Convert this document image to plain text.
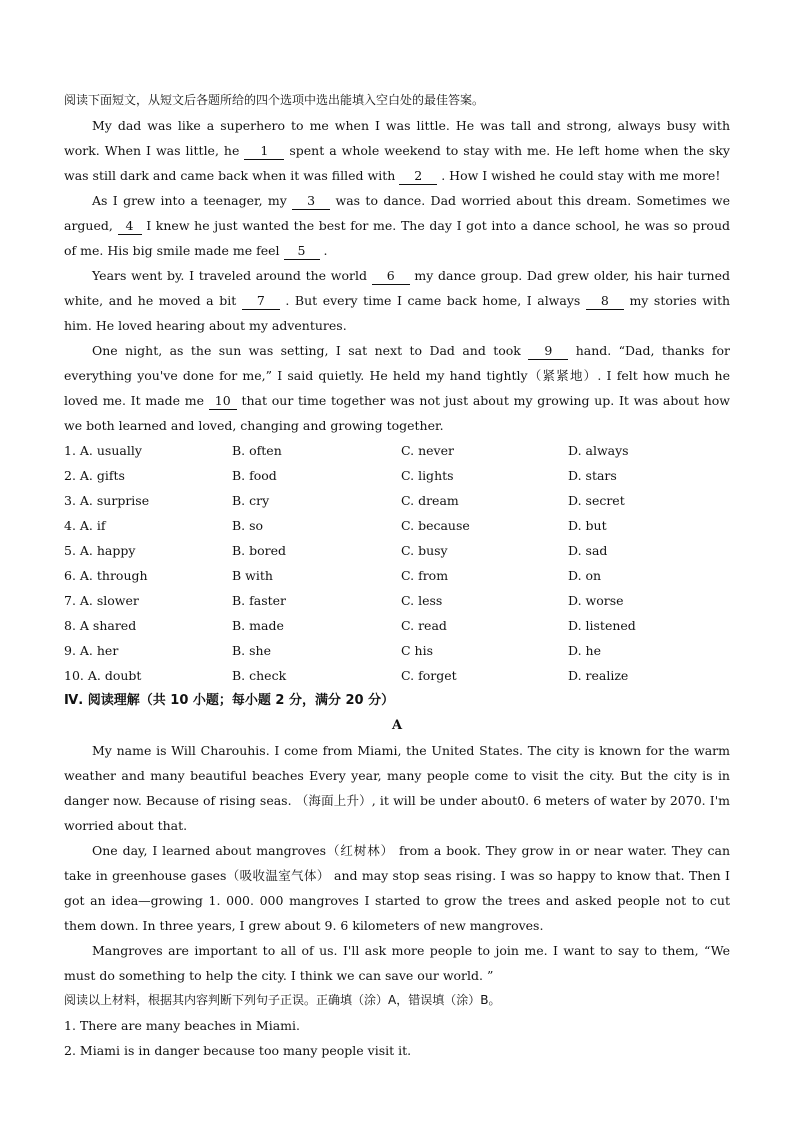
阅读下面短文，从短文后各题所给的四个选项中选出能填入空白处的最佳答案。

My dad was like a superhero to me when I was little. He was tall and strong, always busy with work. When I was little, he 1 spent a whole weekend to stay with me. He left home when the sky was still dark and came back when it was filled with 2 . How I wished he could stay with me more!

As I grew into a teenager, my 3 was to dance. Dad worried about this dream. Sometimes we argued, 4 I knew he just wanted the best for me. The day I got into a dance school, he was so proud of me. His big smile made me feel 5 .

Years went by. I traveled around the world 6 my dance group. Dad grew older, his hair turned white, and he moved a bit 7 . But every time I came back home, I always 8 my stories with him. He loved hearing about my adventures.

One night, as the sun was setting, I sat next to Dad and took 9 hand. “Dad, thanks for everything you've done for me,” I said quietly. He held my hand tightly（紧紧地）. I felt how much he loved me. It made me 10 that our time together was not just about my growing up. It was about how we both learned and loved, changing and growing together.

1. A. usually	B. often	C. never	D. always
2. A. gifts	B. food	C. lights	D. stars
3. A. surprise	B. cry	C. dream	D. secret
4. A. if	B. so	C. because	D. but
5. A. happy	B. bored	C. busy	D. sad
6. A. through	B with	C. from	D. on
7. A. slower	B. faster	C. less	D. worse
8. A shared	B. made	C. read	D. listened
9. A. her	B. she	C his	D. he
10. A. doubt	B. check	C. forget	D. realize

Ⅳ. 阅读理解（共 10 小题；每小题 2 分，满分 20 分）

A

My name is Will Charouhis. I come from Miami, the United States. The city is known for the warm weather and many beautiful beaches Every year, many people come to visit the city. But the city is in danger now. Because of rising seas. （海面上升）, it will be under about0. 6 meters of water by 2070. I'm worried about that.

One day, I learned about mangroves（红树林） from a book. They grow in or near water. They can take in greenhouse gases（吸收温室气体） and may stop seas rising. I was so happy to know that. Then I got an idea—growing 1. 000. 000 mangroves I started to grow the trees and asked people not to cut them down. In three years, I grew about 9. 6 kilometers of new mangroves.

Mangroves are important to all of us. I'll ask more people to join me. I want to say to them, “We must do something to help the city. I think we can save our world. ”

阅读以上材料，根据其内容判断下列句子正误。正确填（涂）A，错误填（涂）B。

1. There are many beaches in Miami.

2. Miami is in danger because too many people visit it.
